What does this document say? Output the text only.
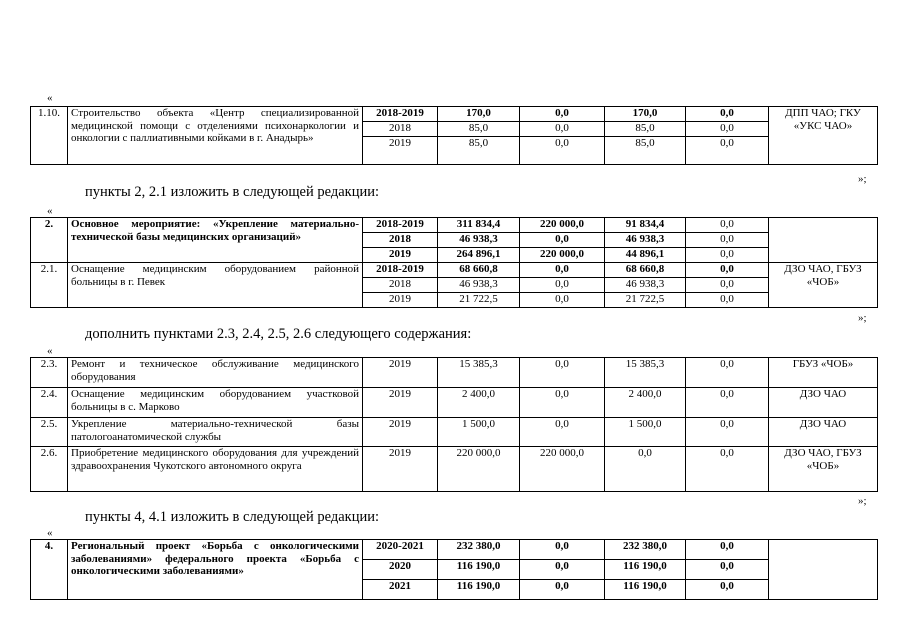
«
1.10.	Строительство объекта «Центр специализированной медицинской помощи с отделениями психонаркологии и онкологии с паллиативными койками в г. Анадырь»	2018-2019	170,0	0,0	170,0	0,0	ДПП ЧАО; ГКУ «УКС ЧАО»
		2018	85,0	0,0	85,0	0,0	
		2019	85,0	0,0	85,0	0,0	
»;
пункты 2, 2.1 изложить в следующей редакции:
«
2.	Основное мероприятие: «Укрепление материально-технической базы медицинских организаций»	2018-2019	311 834,4	220 000,0	91 834,4	0,0	
		2018	46 938,3	0,0	46 938,3	0,0	
		2019	264 896,1	220 000,0	44 896,1	0,0	
2.1.	Оснащение медицинским оборудованием районной больницы в г. Певек	2018-2019	68 660,8	0,0	68 660,8	0,0	ДЗО ЧАО, ГБУЗ «ЧОБ»
		2018	46 938,3	0,0	46 938,3	0,0	
		2019	21 722,5	0,0	21 722,5	0,0	
»;
дополнить пунктами 2.3, 2.4, 2.5, 2.6 следующего содержания:
«
2.3.	Ремонт и техническое обслуживание медицинского оборудования	2019	15 385,3	0,0	15 385,3	0,0	ГБУЗ «ЧОБ»
2.4.	Оснащение медицинским оборудованием участковой больницы в с. Марково	2019	2 400,0	0,0	2 400,0	0,0	ДЗО ЧАО
2.5.	Укрепление материально-технической базы патологоанатомической службы	2019	1 500,0	0,0	1 500,0	0,0	ДЗО ЧАО
2.6.	Приобретение медицинского оборудования для учреждений здравоохранения Чукотского автономного округа	2019	220 000,0	220 000,0	0,0	0,0	ДЗО ЧАО, ГБУЗ «ЧОБ»
»;
пункты 4, 4.1 изложить в следующей редакции:
«
4.	Региональный проект «Борьба с онкологическими заболеваниями» федерального проекта «Борьба с онкологическими заболеваниями»	2020-2021	232 380,0	0,0	232 380,0	0,0	
		2020	116 190,0	0,0	116 190,0	0,0	
		2021	116 190,0	0,0	116 190,0	0,0	
